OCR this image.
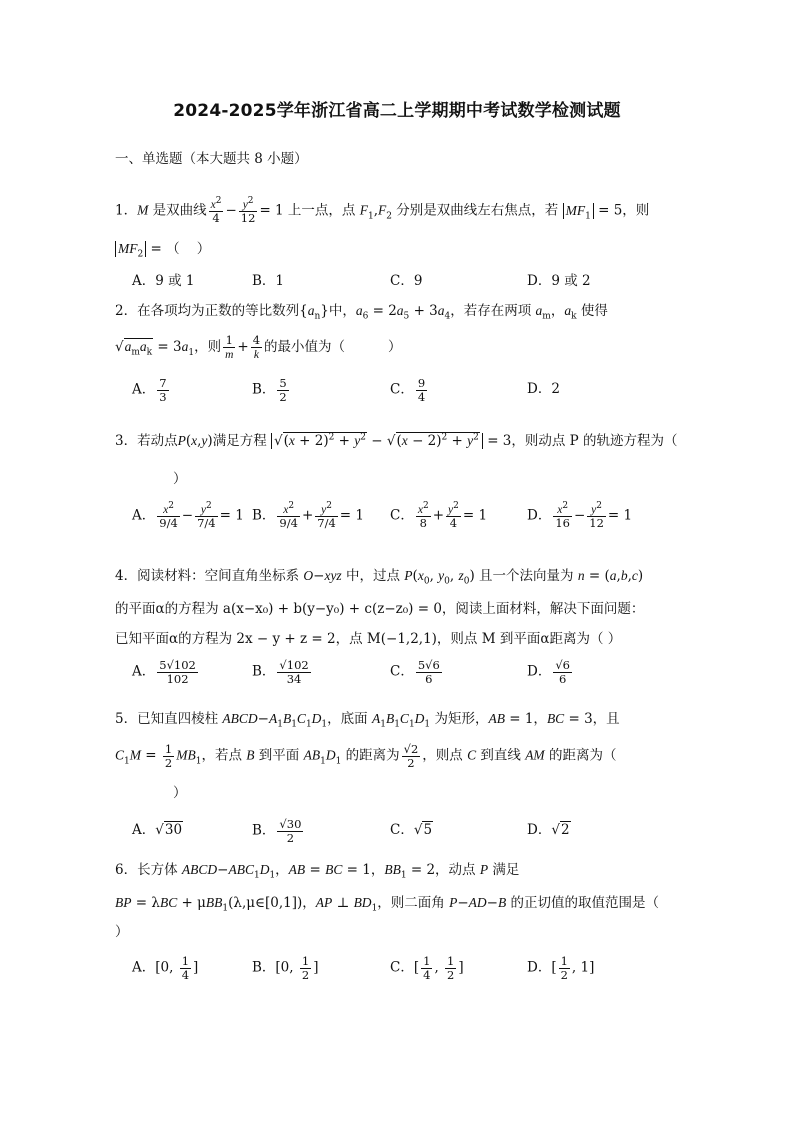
2024-2025学年浙江省高二上学期期中考试数学检测试题
一、单选题（本大题共 8 小题）
1．M 是双曲线 $\frac{x^2}{4} - \frac{y^2}{12} = 1$ 上一点，点 $F_1,F_2$ 分别是双曲线左右焦点，若 $MF_1 = 5$，则
$MF_2$ = （    ）
A．9 或 1	B．1	C．9	D．9 或 2
2．在各项均为正数的等比数列$\{a_n\}$中，$a_6 = 2a_5 + 3a_4$，若存在两项 $a_m$，$a_k$ 使得
$√a_ma_k = 3a_1$，则 $\frac{1}{m} + \frac{4}{k}$ 的最小值为（          ）
A． $\frac{7}{3}$	B． $\frac{5}{2}$	C． $\frac{9}{4}$	D．2
3．若动点P(x,y)满足方程 $√(x + 2)^2 + y^2 - √(x - 2)^2 + y^2 = 3$，则动点 P 的轨迹方程为（
）
A． $\frac{x^2}{9/4} - \frac{y^2}{7/4} = 1$ B． $\frac{x^2}{9/4} + \frac{y^2}{7/4} = 1$ C． $\frac{x^2}{8} + \frac{y^2}{4} = 1$	D． $\frac{x^2}{16} - \frac{y^2}{12} = 1$
4．阅读材料：空间直角坐标系 O−xyz 中，过点 $P(x_0$, $y_0$, $z_0$) 且一个法向量为 n = (a,b,c)
的平面α的方程为 a(x−x₀) + b(y−y₀) + c(z−z₀) = 0，阅读上面材料，解决下面问题：
已知平面α的方程为 2x − y + z = 2，点 M(−1,2,1)，则点 M 到平面α距离为（ ）
A． $\frac{5√102}{102}$	B． $\frac{√102}{34}$	C． $\frac{5√6}{6}$	D． $\frac{√6}{6}$
5．已知直四棱柱 $ABCD-A_1B_1C_1D_1$，底面 $A_1B_1C_1D_1$ 为矩形，AB = 1，BC = 3，且
$C_1M = \frac{1}{2} MB_1$，若点 B 到平面 $AB_1D_1$ 的距离为 $\frac{√2}{2}$ ，则点 C 到直线 AM 的距离为（
）
A．√30	B． $\frac{√30}{2}$	C．√5	D．√2
6．长方体 $ABCD-ABC_1D_1$，AB = BC = 1，$BB_1 = 2$，动点 P 满足
BP = λBC + μBB$_1$(λ,μ∈[0,1])，AP ⊥ $BD_1$，则二面角 P−AD−B 的正切值的取值范围是（
）
A．[0, $\frac{1}{4}$ ]	B．[0, $\frac{1}{2}$ ]	C．[ $\frac{1}{4}$ , $\frac{1}{2}$ ]	D．[ $\frac{1}{2}$ , 1]
